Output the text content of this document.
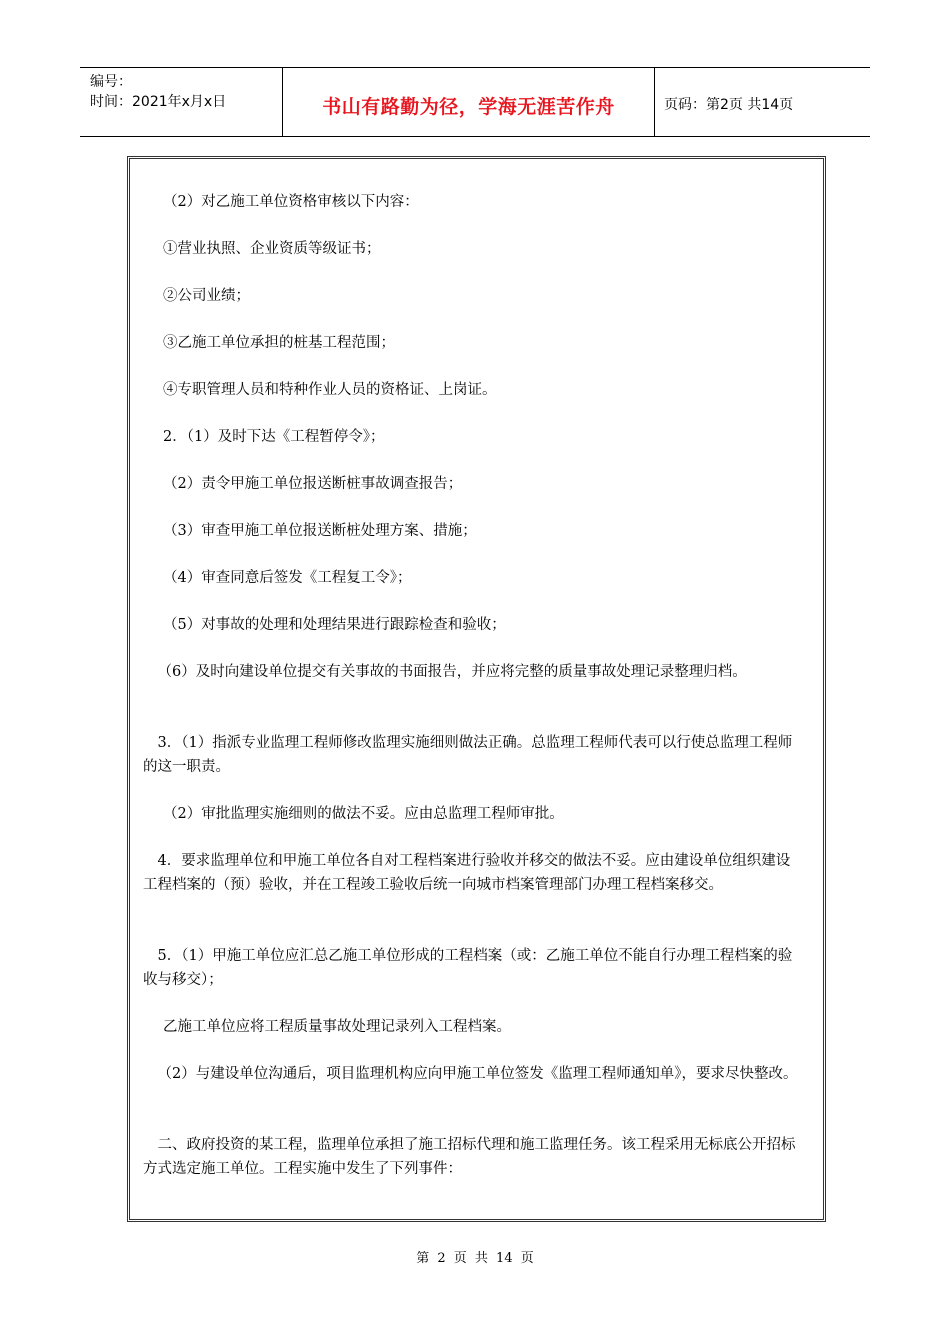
编号：
时间：2021年x月x日	书山有路勤为径，学海无涯苦作舟	页码：第2页 共14页

（2）对乙施工单位资格审核以下内容：

①营业执照、企业资质等级证书；

②公司业绩；

③乙施工单位承担的桩基工程范围；

④专职管理人员和特种作业人员的资格证、上岗证。

2．（1）及时下达《工程暂停令》；

（2）责令甲施工单位报送断桩事故调查报告；

（3）审查甲施工单位报送断桩处理方案、措施；

（4）审查同意后签发《工程复工令》；

（5）对事故的处理和处理结果进行跟踪检查和验收；

（6）及时向建设单位提交有关事故的书面报告，并应将完整的质量事故处理记录整理归档。

3．（1）指派专业监理工程师修改监理实施细则做法正确。总监理工程师代表可以行使总监理工程师的这一职责。

（2）审批监理实施细则的做法不妥。应由总监理工程师审批。

4．要求监理单位和甲施工单位各自对工程档案进行验收并移交的做法不妥。应由建设单位组织建设工程档案的（预）验收，并在工程竣工验收后统一向城市档案管理部门办理工程档案移交。

5．（1）甲施工单位应汇总乙施工单位形成的工程档案（或：乙施工单位不能自行办理工程档案的验收与移交）；

乙施工单位应将工程质量事故处理记录列入工程档案。

（2）与建设单位沟通后，项目监理机构应向甲施工单位签发《监理工程师通知单》，要求尽快整改。

二、政府投资的某工程，监理单位承担了施工招标代理和施工监理任务。该工程采用无标底公开招标方式选定施工单位。工程实施中发生了下列事件：

第 2 页 共 14 页
